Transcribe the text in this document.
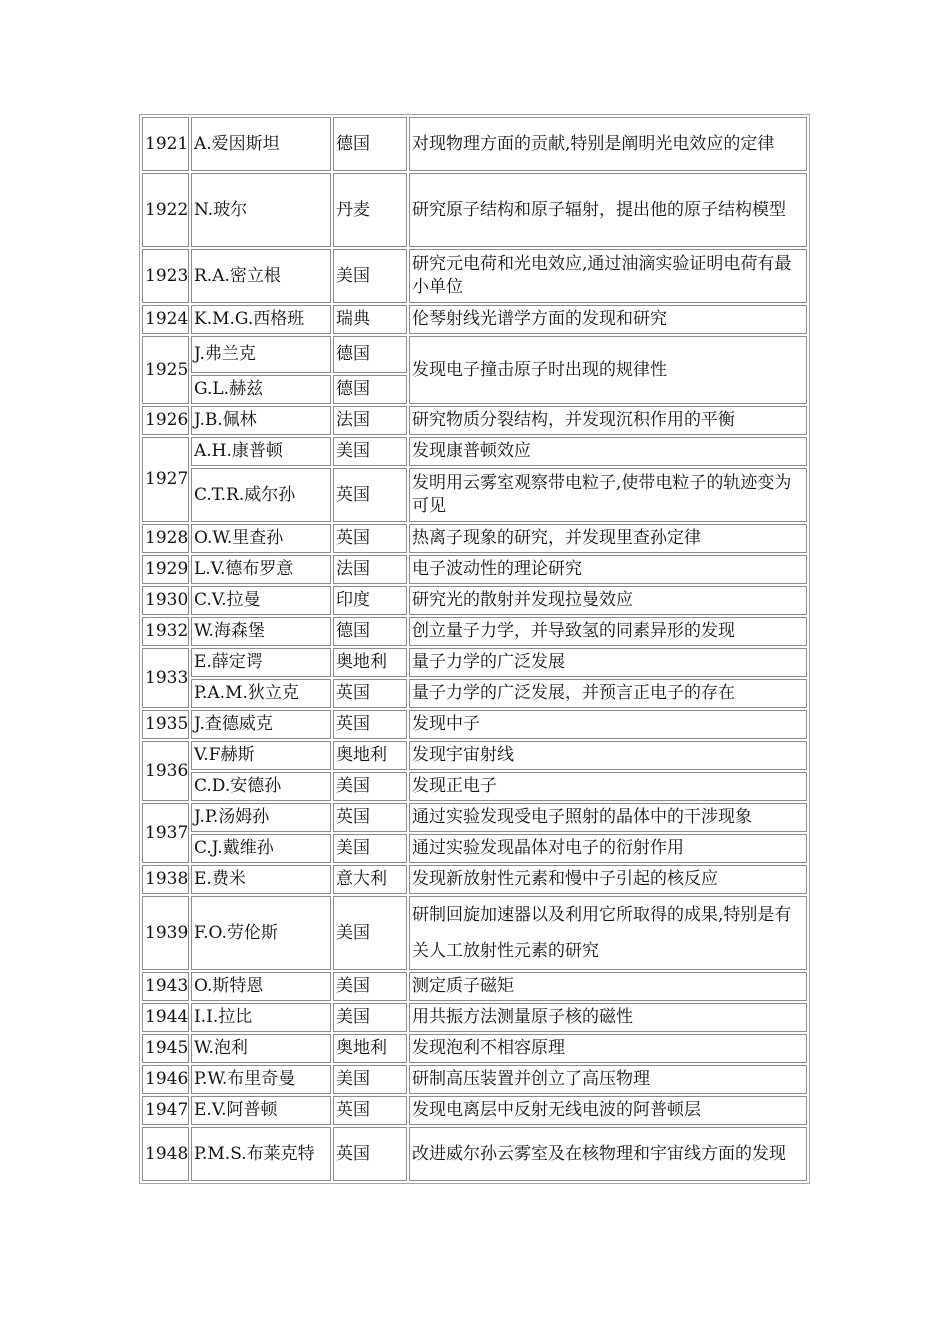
1921	A.爱因斯坦	德国	对现物理方面的贡献,特别是阐明光电效应的定律
1922	N.玻尔	丹麦	研究原子结构和原子辐射，提出他的原子结构模型
1923	R.A.密立根	美国	研究元电荷和光电效应,通过油滴实验证明电荷有最小单位
1924	K.M.G.西格班	瑞典	伦琴射线光谱学方面的发现和研究
1925	J.弗兰克	德国	发现电子撞击原子时出现的规律性
	G.L.赫兹	德国	
1926	J.B.佩林	法国	研究物质分裂结构，并发现沉积作用的平衡
1927	A.H.康普顿	美国	发现康普顿效应
	C.T.R.威尔孙	英国	发明用云雾室观察带电粒子,使带电粒子的轨迹变为可见
1928	O.W.里查孙	英国	热离子现象的研究，并发现里查孙定律
1929	L.V.德布罗意	法国	电子波动性的理论研究
1930	C.V.拉曼	印度	研究光的散射并发现拉曼效应
1932	W.海森堡	德国	创立量子力学，并导致氢的同素异形的发现
1933	E.薛定谔	奥地利	量子力学的广泛发展
	P.A.M.狄立克	英国	量子力学的广泛发展，并预言正电子的存在
1935	J.查德威克	英国	发现中子
1936	V.F赫斯	奥地利	发现宇宙射线
	C.D.安德孙	美国	发现正电子
1937	J.P.汤姆孙	英国	通过实验发现受电子照射的晶体中的干涉现象
	C.J.戴维孙	美国	通过实验发现晶体对电子的衍射作用
1938	E.费米	意大利	发现新放射性元素和慢中子引起的核反应
1939	F.O.劳伦斯	美国	研制回旋加速器以及利用它所取得的成果,特别是有关人工放射性元素的研究
1943	O.斯特恩	美国	测定质子磁矩
1944	I.I.拉比	美国	用共振方法测量原子核的磁性
1945	W.泡利	奥地利	发现泡利不相容原理
1946	P.W.布里奇曼	美国	研制高压装置并创立了高压物理
1947	E.V.阿普顿	英国	发现电离层中反射无线电波的阿普顿层
1948	P.M.S.布莱克特	英国	改进威尔孙云雾室及在核物理和宇宙线方面的发现
